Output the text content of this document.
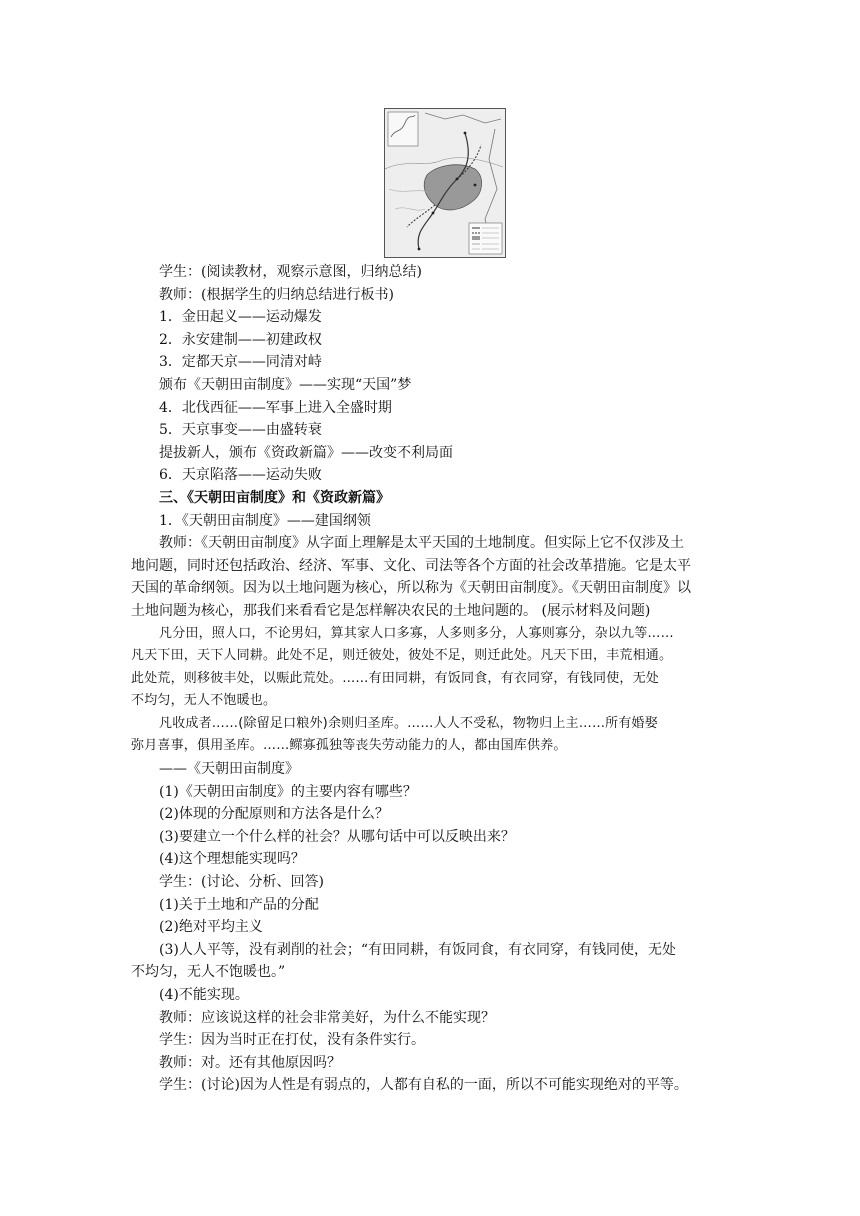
学生：(阅读教材，观察示意图，归纳总结)
教师：(根据学生的归纳总结进行板书)
1．金田起义——运动爆发
2．永安建制——初建政权
3．定都天京——同清对峙
颁布《天朝田亩制度》——实现“天国”梦
4．北伐西征——军事上进入全盛时期
5．天京事变——由盛转衰
提拔新人，颁布《资政新篇》——改变不利局面
6．天京陷落——运动失败
三、《天朝田亩制度》和《资政新篇》
1．《天朝田亩制度》——建国纲领
教师：《天朝田亩制度》从字面上理解是太平天国的土地制度。但实际上它不仅涉及土
地问题，同时还包括政治、经济、军事、文化、司法等各个方面的社会改革措施。它是太平
天国的革命纲领。因为以土地问题为核心，所以称为《天朝田亩制度》。《天朝田亩制度》以
土地问题为核心，那我们来看看它是怎样解决农民的土地问题的。 (展示材料及问题)
凡分田，照人口，不论男妇，算其家人口多寡，人多则多分，人寡则寡分，杂以九等……
凡天下田，天下人同耕。此处不足，则迁彼处，彼处不足，则迁此处。凡天下田，丰荒相通。
此处荒，则移彼丰处，以赈此荒处。……有田同耕，有饭同食，有衣同穿，有钱同使，无处
不均匀，无人不饱暖也。
凡收成者……(除留足口粮外)余则归圣库。……人人不受私，物物归上主……所有婚娶
弥月喜事，俱用圣库。……鳏寡孤独等丧失劳动能力的人，都由国库供养。
——《天朝田亩制度》
(1)《天朝田亩制度》的主要内容有哪些？
(2)体现的分配原则和方法各是什么？
(3)要建立一个什么样的社会？从哪句话中可以反映出来？
(4)这个理想能实现吗？
学生：(讨论、分析、回答)
(1)关于土地和产品的分配
(2)绝对平均主义
(3)人人平等，没有剥削的社会；“有田同耕，有饭同食，有衣同穿，有钱同使，无处
不均匀，无人不饱暖也。”
(4)不能实现。
教师：应该说这样的社会非常美好，为什么不能实现？
学生：因为当时正在打仗，没有条件实行。
教师：对。还有其他原因吗？
学生：(讨论)因为人性是有弱点的，人都有自私的一面，所以不可能实现绝对的平等。
